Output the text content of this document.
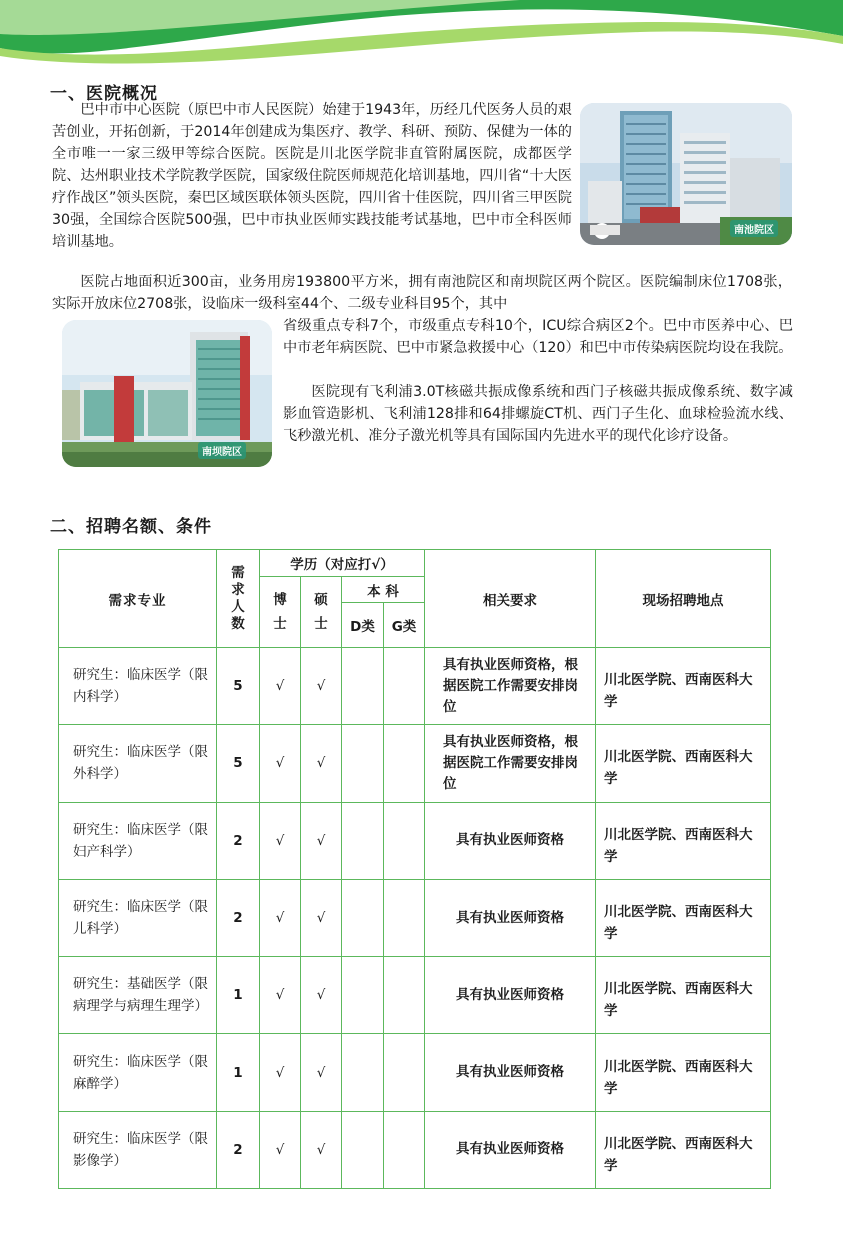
一、医院概况

巴中市中心医院（原巴中市人民医院）始建于1943年，历经几代医务人员的艰苦创业，开拓创新，于2014年创建成为集医疗、教学、科研、预防、保健为一体的全市唯一一家三级甲等综合医院。医院是川北医学院非直管附属医院，成都医学院、达州职业技术学院教学医院，国家级住院医师规范化培训基地，四川省“十大医疗作战区”领头医院，秦巴区域医联体领头医院，四川省十佳医院，四川省三甲医院30强，全国综合医院500强，巴中市执业医师实践技能考试基地，巴中市全科医师培训基地。

南池院区

医院占地面积近300亩，业务用房193800平方米，拥有南池院区和南坝院区两个院区。医院编制床位1708张，实际开放床位2708张，设临床一级科室44个、二级专业科目95个，其中

南坝院区

省级重点专科7个，市级重点专科10个，ICU综合病区2个。巴中市医养中心、巴中市老年病医院、巴中市紧急救援中心（120）和巴中市传染病医院均设在我院。

医院现有飞利浦3.0T核磁共振成像系统和西门子核磁共振成像系统、数字减影血管造影机、飞利浦128排和64排螺旋CT机、西门子生化、血球检验流水线、飞秒激光机、准分子激光机等具有国际国内先进水平的现代化诊疗设备。

二、招聘名额、条件
需求专业	需求人数	学历（对应打√）				相关要求	现场招聘地点
		博士	硕士	本 科			
				D类	G类		
研究生：临床医学（限内科学）	5	√	√			具有执业医师资格，根据医院工作需要安排岗位	川北医学院、西南医科大学
研究生：临床医学（限外科学）	5	√	√			具有执业医师资格，根据医院工作需要安排岗位	川北医学院、西南医科大学
研究生：临床医学（限妇产科学）	2	√	√			具有执业医师资格	川北医学院、西南医科大学
研究生：临床医学（限儿科学）	2	√	√			具有执业医师资格	川北医学院、西南医科大学
研究生：基础医学（限病理学与病理生理学）	1	√	√			具有执业医师资格	川北医学院、西南医科大学
研究生：临床医学（限麻醉学）	1	√	√			具有执业医师资格	川北医学院、西南医科大学
研究生：临床医学（限影像学）	2	√	√			具有执业医师资格	川北医学院、西南医科大学
